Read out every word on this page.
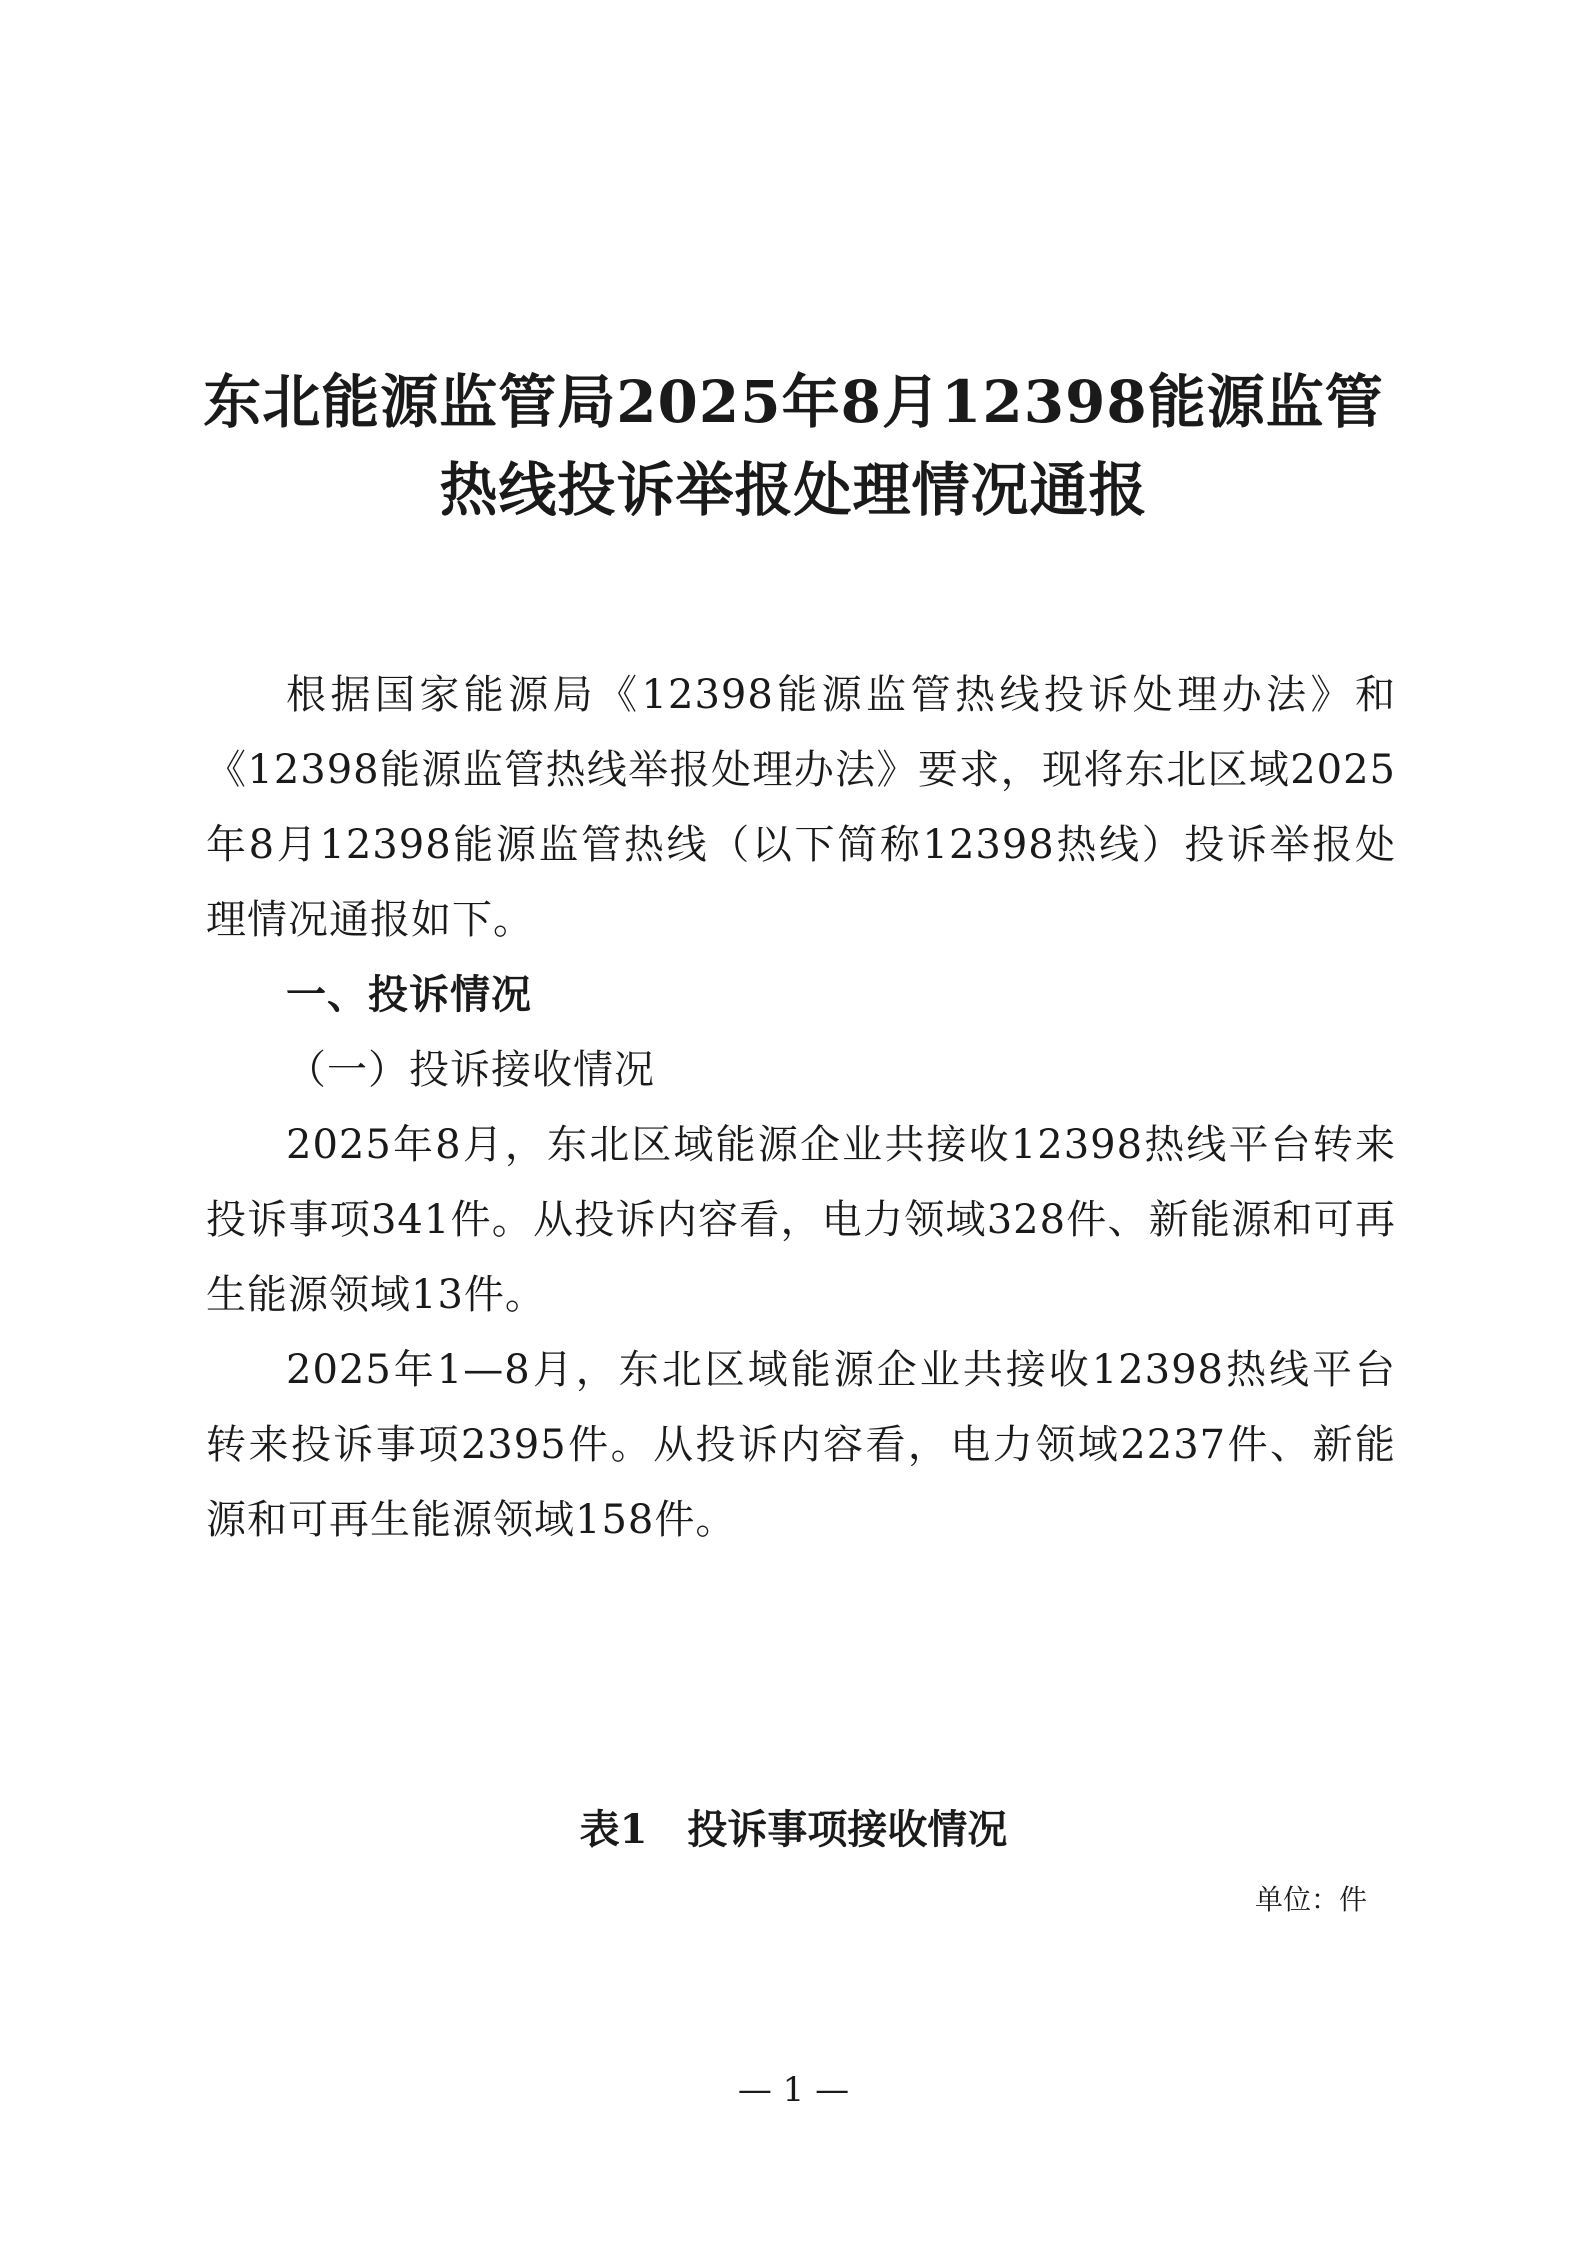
东北能源监管局2025年8月12398能源监管
热线投诉举报处理情况通报

根据国家能源局《12398能源监管热线投诉处理办法》和《12398能源监管热线举报处理办法》要求，现将东北区域2025年8月12398能源监管热线（以下简称12398热线）投诉举报处理情况通报如下。

一、投诉情况

（一）投诉接收情况

2025年8月，东北区域能源企业共接收12398热线平台转来投诉事项341件。从投诉内容看，电力领域328件、新能源和可再生能源领域13件。

2025年1—8月，东北区域能源企业共接收12398热线平台转来投诉事项2395件。从投诉内容看，电力领域2237件、新能源和可再生能源领域158件。

表1　投诉事项接收情况

单位：件

— 1 —
